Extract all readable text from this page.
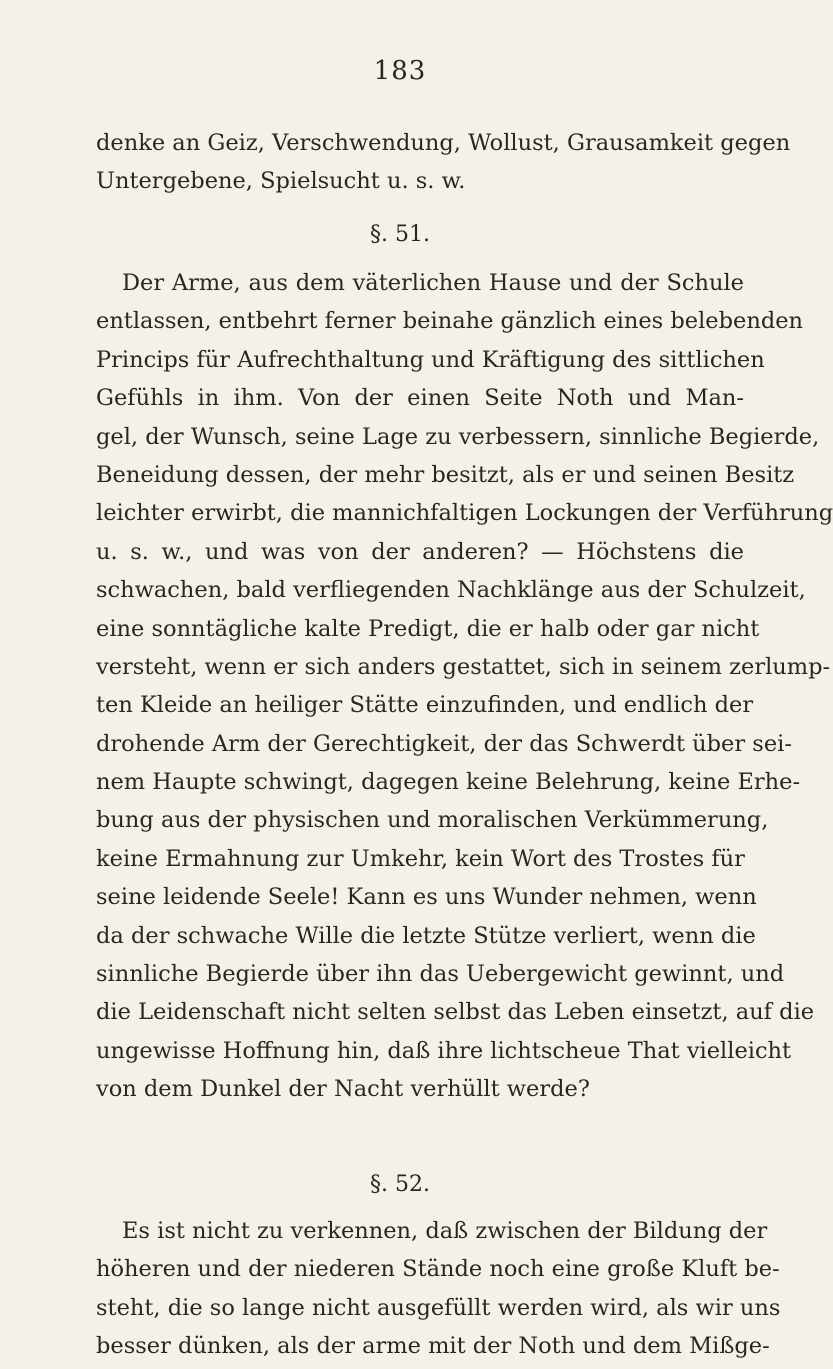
183
denke an Geiz, Verschwendung, Wollust, Grausamkeit gegen
Untergebene, Spielsucht u. s. w.
§. 51.
Der Arme, aus dem väterlichen Hause und der Schule
entlassen, entbehrt ferner beinahe gänzlich eines belebenden
Princips für Aufrechthaltung und Kräftigung des sittlichen
Gefühls in ihm. Von der einen Seite Noth und Man-
gel, der Wunsch, seine Lage zu verbessern, sinnliche Begierde,
Beneidung dessen, der mehr besitzt, als er und seinen Besitz
leichter erwirbt, die mannichfaltigen Lockungen der Verführung
u. s. w., und was von der anderen? — Höchstens die
schwachen, bald verfliegenden Nachklänge aus der Schulzeit,
eine sonntägliche kalte Predigt, die er halb oder gar nicht
versteht, wenn er sich anders gestattet, sich in seinem zerlump-
ten Kleide an heiliger Stätte einzufinden, und endlich der
drohende Arm der Gerechtigkeit, der das Schwerdt über sei-
nem Haupte schwingt, dagegen keine Belehrung, keine Erhe-
bung aus der physischen und moralischen Verkümmerung,
keine Ermahnung zur Umkehr, kein Wort des Trostes für
seine leidende Seele! Kann es uns Wunder nehmen, wenn
da der schwache Wille die letzte Stütze verliert, wenn die
sinnliche Begierde über ihn das Uebergewicht gewinnt, und
die Leidenschaft nicht selten selbst das Leben einsetzt, auf die
ungewisse Hoffnung hin, daß ihre lichtscheue That vielleicht
von dem Dunkel der Nacht verhüllt werde?
§. 52.
Es ist nicht zu verkennen, daß zwischen der Bildung der
höheren und der niederen Stände noch eine große Kluft be-
steht, die so lange nicht ausgefüllt werden wird, als wir uns
besser dünken, als der arme mit der Noth und dem Mißge-
